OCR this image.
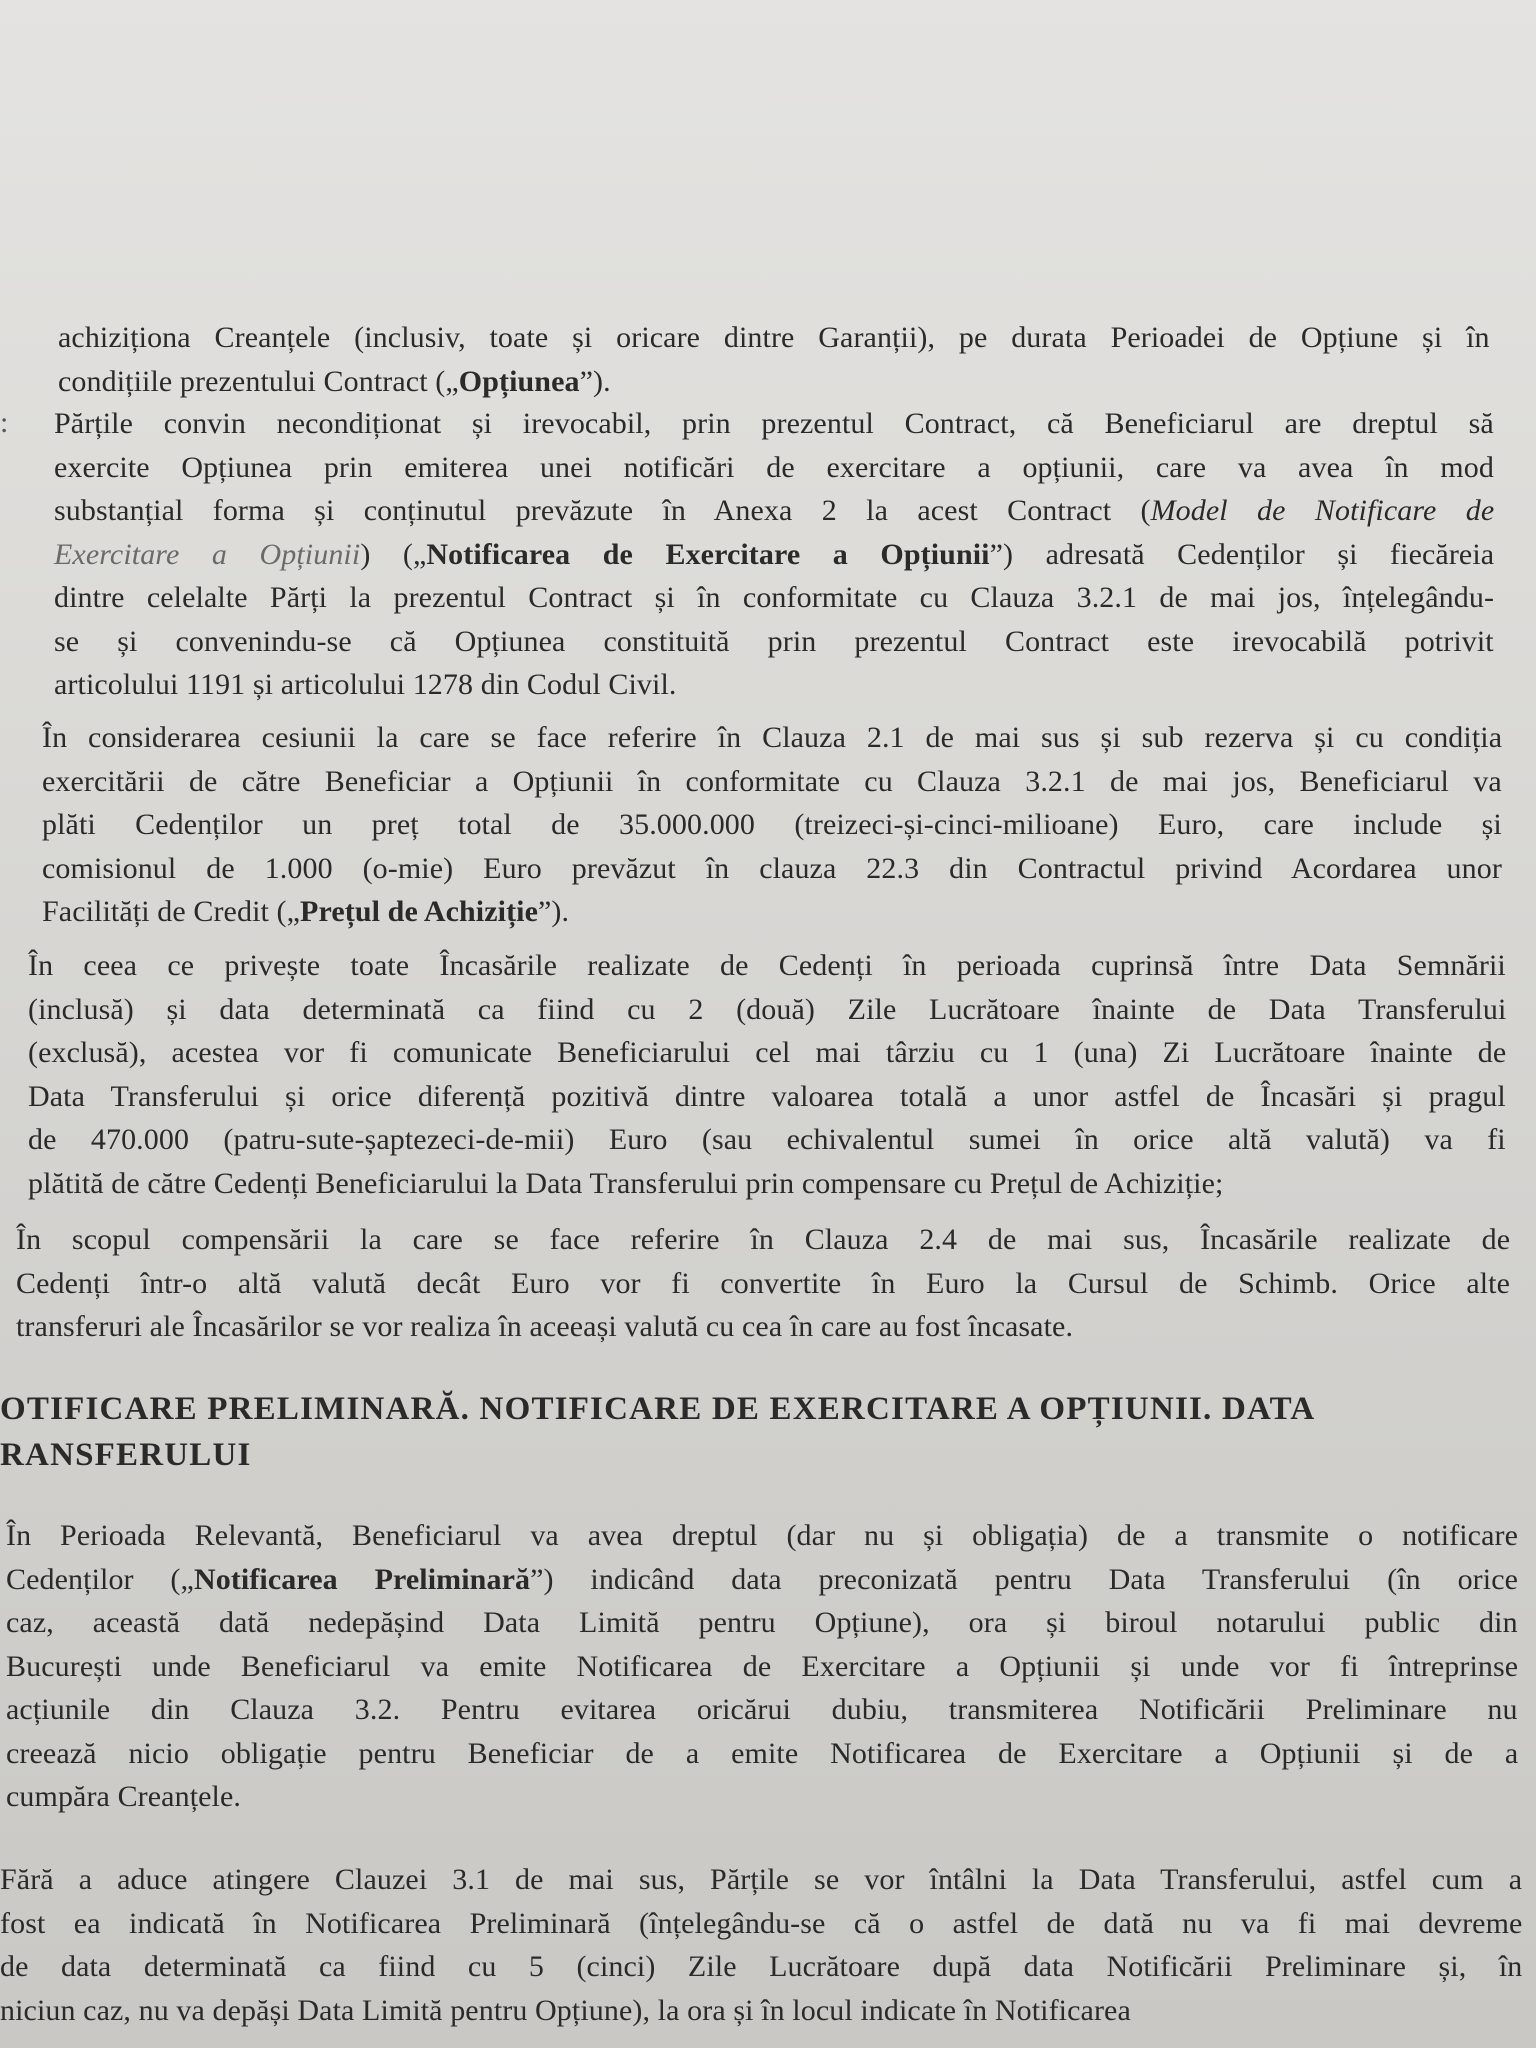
achiziționa Creanțele (inclusiv, toate și oricare dintre Garanții), pe durata Perioadei de Opțiune și în
condițiile prezentului Contract („Opțiunea”).
: Părțile convin necondiționat și irevocabil, prin prezentul Contract, că Beneficiarul are dreptul să
exercite Opțiunea prin emiterea unei notificări de exercitare a opțiunii, care va avea în mod
substanțial forma și conținutul prevăzute în Anexa 2 la acest Contract (Model de Notificare de
Exercitare a Opțiunii) („Notificarea de Exercitare a Opțiunii”) adresată Cedenților și fiecăreia
dintre celelalte Părți la prezentul Contract și în conformitate cu Clauza 3.2.1 de mai jos, înțelegându-
se și convenindu-se că Opțiunea constituită prin prezentul Contract este irevocabilă potrivit
articolului 1191 și articolului 1278 din Codul Civil.
În considerarea cesiunii la care se face referire în Clauza 2.1 de mai sus și sub rezerva și cu condiția
exercitării de către Beneficiar a Opțiunii în conformitate cu Clauza 3.2.1 de mai jos, Beneficiarul va
plăti Cedenților un preț total de 35.000.000 (treizeci-și-cinci-milioane) Euro, care include și
comisionul de 1.000 (o-mie) Euro prevăzut în clauza 22.3 din Contractul privind Acordarea unor
Facilități de Credit („Prețul de Achiziție”).
În ceea ce privește toate Încasările realizate de Cedenți în perioada cuprinsă între Data Semnării
(inclusă) și data determinată ca fiind cu 2 (două) Zile Lucrătoare înainte de Data Transferului
(exclusă), acestea vor fi comunicate Beneficiarului cel mai târziu cu 1 (una) Zi Lucrătoare înainte de
Data Transferului și orice diferență pozitivă dintre valoarea totală a unor astfel de Încasări și pragul
de 470.000 (patru-sute-șaptezeci-de-mii) Euro (sau echivalentul sumei în orice altă valută) va fi
plătită de către Cedenți Beneficiarului la Data Transferului prin compensare cu Prețul de Achiziție;
În scopul compensării la care se face referire în Clauza 2.4 de mai sus, Încasările realizate de
Cedenți într-o altă valută decât Euro vor fi convertite în Euro la Cursul de Schimb. Orice alte
transferuri ale Încasărilor se vor realiza în aceeași valută cu cea în care au fost încasate.
OTIFICARE PRELIMINARĂ. NOTIFICARE DE EXERCITARE A OPȚIUNII. DATA
RANSFERULUI
În Perioada Relevantă, Beneficiarul va avea dreptul (dar nu și obligația) de a transmite o notificare
Cedenților („Notificarea Preliminară”) indicând data preconizată pentru Data Transferului (în orice
caz, această dată nedepășind Data Limită pentru Opțiune), ora și biroul notarului public din
București unde Beneficiarul va emite Notificarea de Exercitare a Opțiunii și unde vor fi întreprinse
acțiunile din Clauza 3.2. Pentru evitarea oricărui dubiu, transmiterea Notificării Preliminare nu
creează nicio obligație pentru Beneficiar de a emite Notificarea de Exercitare a Opțiunii și de a
cumpăra Creanțele.
Fără a aduce atingere Clauzei 3.1 de mai sus, Părțile se vor întâlni la Data Transferului, astfel cum a
fost ea indicată în Notificarea Preliminară (înțelegându-se că o astfel de dată nu va fi mai devreme
de data determinată ca fiind cu 5 (cinci) Zile Lucrătoare după data Notificării Preliminare și, în
niciun caz, nu va depăși Data Limită pentru Opțiune), la ora și în locul indicate în Notificarea
